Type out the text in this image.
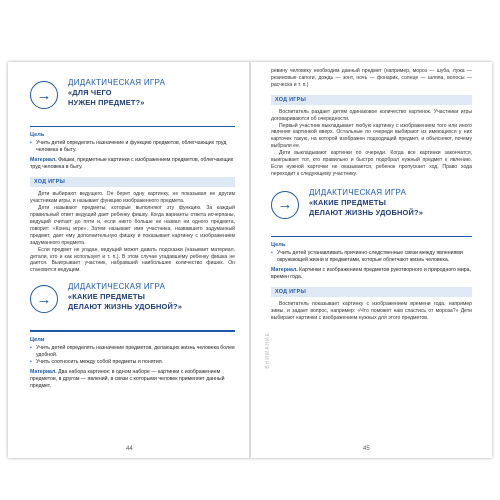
→
ДИДАКТИЧЕСКАЯ ИГРА
«ДЛЯ ЧЕГО
НУЖЕН ПРЕДМЕТ?»
Цель
• Учить детей определять назначение и функцию предметов, облегчающих труд человека в быту.
Материал. Фишки, предметные картинки с изображением предметов, облегчающих труд человека в быту.
ХОД ИГРЫ

Дети выбирают ведущего. Он берет одну картинку, не показывая ее другим участникам игры, и называет функцию изображенного предмета.

Дети называют предметы, которые выполняют эту функцию. За каждый правильный ответ ведущий дает ребенку фишку. Когда варианты ответа исчерпаны, ведущий считает до пяти и, если никто больше не назвал ни одного предмета, говорит: «Конец игре». Затем называет имя участника, назвавшего задуманный предмет, дает ему дополнительную фишку и показывает картинку с изображением задуманного предмета.

Если предмет не угадан, ведущий может давать подсказки (называет материал, детали, кто и как использует и т. п.). В этом случае угадавшему ребенку фишка не дается. Выигрывает участник, набравший наибольшее количество фишек. Он становится ведущим.

→
ДИДАКТИЧЕСКАЯ ИГРА
«КАКИЕ ПРЕДМЕТЫ
ДЕЛАЮТ ЖИЗНЬ УДОБНОЙ?»
Цели
• Учить детей определять назначение предметов, делающих жизнь человека более удобной.
• Учить соотносить между собой предметы и понятия.
Материал. Два набора картинок: в одном наборе — картинки с изображением предметов, в другом — явлений, в связи с которыми человек применяет данный предмет.
44

ревину человеку необходим данный предмет (например, мороз — шуба, лужа — резиновые сапоги, дождь — зонт, ночь — фонарик, солнце — шляпа, волосы — расческа и т. п.)

ХОД ИГРЫ

Воспитатель раздает детям одинаковое количество картинок. Участники игры договариваются об очередности.

Первый участник выкладывает любую картинку с изображением того или иного явления картинкой вверх. Остальные по очереди выбирают из имеющихся у них карточек такую, на которой изображен подходящий предмет, и объясняют, почему выбрали ее.

Дети выкладывают картинки по очереди. Когда все картинки закончатся, выигрывает тот, кто правильно и быстро подобрал нужный предмет к явлению. Если нужной карточки не оказывается, ребенок пропускает ход. Право хода переходит к следующему участнику.

ВНИМАНИЕ
→
ДИДАКТИЧЕСКАЯ ИГРА
«КАКИЕ ПРЕДМЕТЫ
ДЕЛАЮТ ЖИЗНЬ УДОБНОЙ?»
Цель
• Учить детей устанавливать причинно-следственные связи между явлениями окружающей жизни и предметами, которые облегчают жизнь человека.
Материал. Картинки с изображением предметов рукотворного и природного мира, времен года.
ХОД ИГРЫ

Воспитатель показывает картинку с изображением времени года, например зимы, и задает вопрос, например: «Что поможет нам спастись от мороза?» Дети выбирают картинки с изображением нужных для этого предметов.

45
